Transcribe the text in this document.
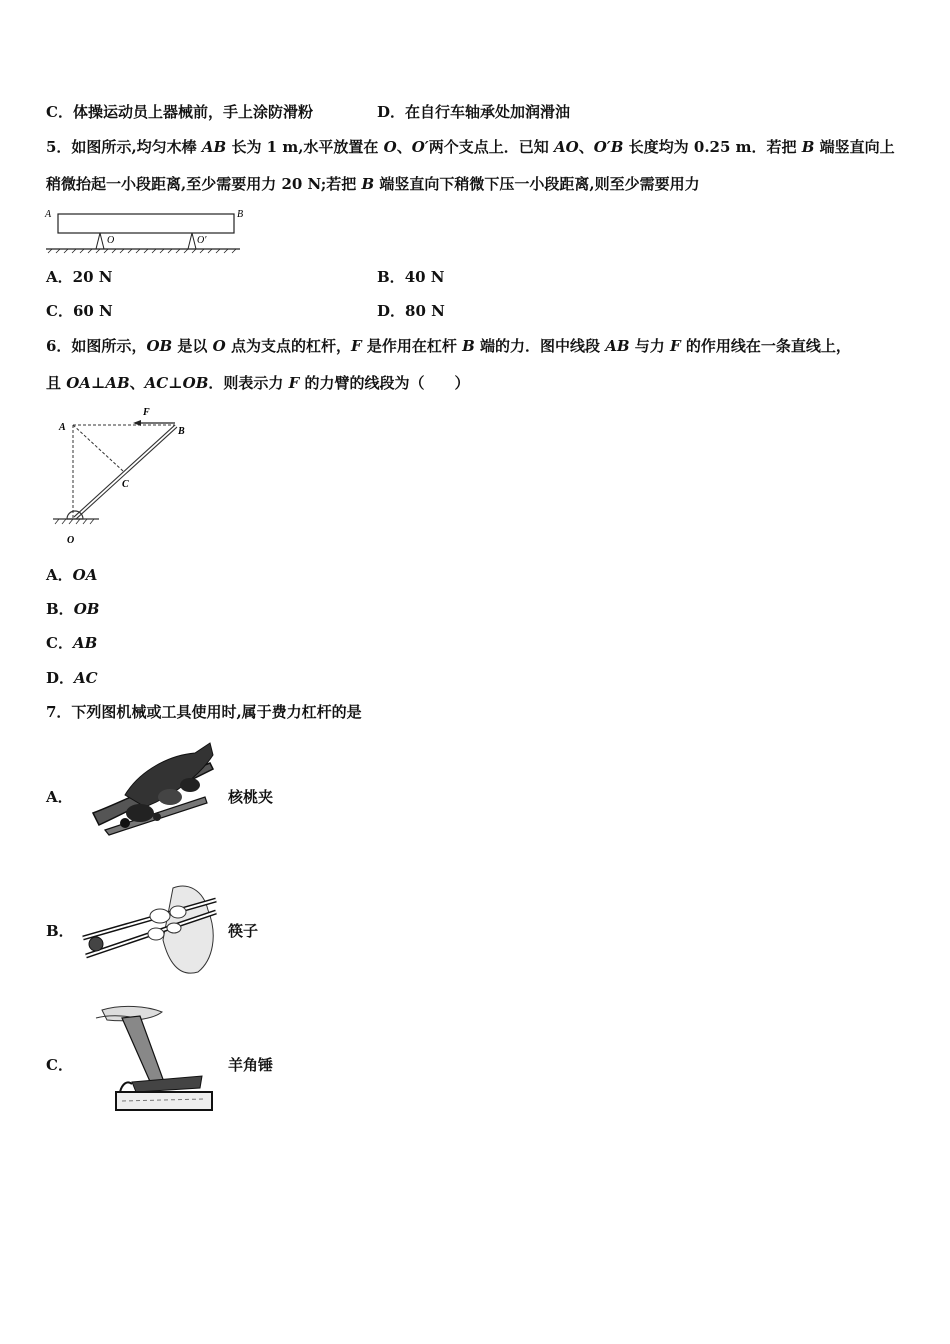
C．体操运动员上器械前，手上涂防滑粉	D．在自行车轴承处加润滑油
5．如图所示,均匀木棒 AB 长为 1 m,水平放置在 O、O′两个支点上．已知 AO、O′B 长度均为 0.25 m．若把 B 端竖直向上
稍微抬起一小段距离,至少需要用力 20 N;若把 B 端竖直向下稍微下压一小段距离,则至少需要用力
A	B
O	O′
A．20 N	B．40 N
C．60 N	D．80 N
6．如图所示，OB 是以 O 点为支点的杠杆，F 是作用在杠杆 B 端的力．图中线段 AB 与力 F 的作用线在一条直线上，
且 OA⊥AB、AC⊥OB．则表示力 F 的力臂的线段为（　　）
A	B
C
O
F
A．OA
B．OB
C．AB
D．AC
7．下列图机械或工具使用时,属于费力杠杆的是
A．	核桃夹
B．	筷子
C．	羊角锤
